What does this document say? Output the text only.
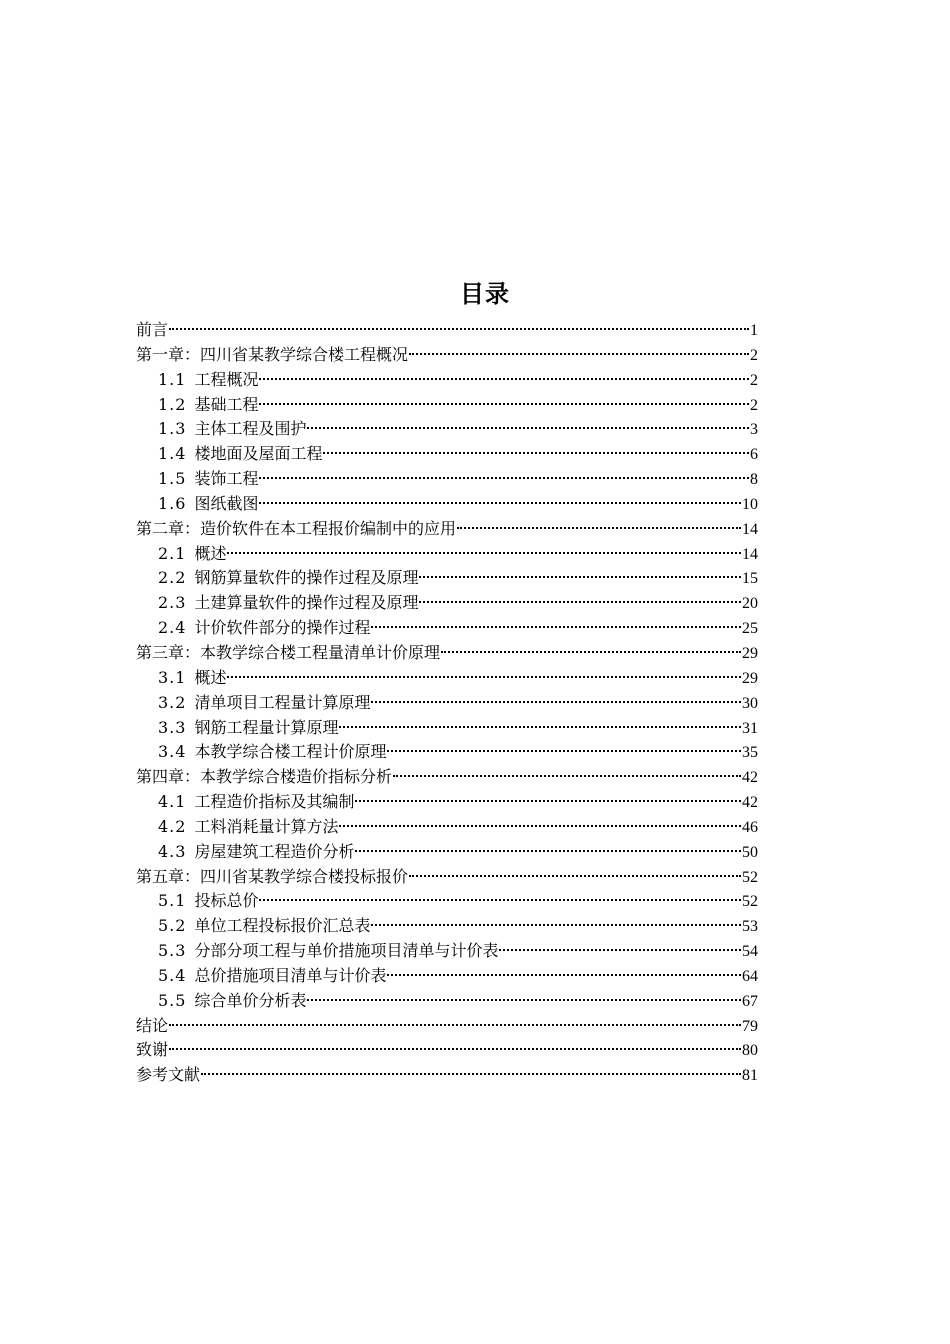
目录
前言	1
第一章：四川省某教学综合楼工程概况	2
1.1 工程概况	2
1.2 基础工程	2
1.3 主体工程及围护	3
1.4 楼地面及屋面工程	6
1.5 装饰工程	8
1.6 图纸截图	10
第二章：造价软件在本工程报价编制中的应用	14
2.1 概述	14
2.2 钢筋算量软件的操作过程及原理	15
2.3 土建算量软件的操作过程及原理	20
2.4 计价软件部分的操作过程	25
第三章：本教学综合楼工程量清单计价原理	29
3.1 概述	29
3.2 清单项目工程量计算原理	30
3.3 钢筋工程量计算原理	31
3.4 本教学综合楼工程计价原理	35
第四章：本教学综合楼造价指标分析	42
4.1 工程造价指标及其编制	42
4.2 工料消耗量计算方法	46
4.3 房屋建筑工程造价分析	50
第五章：四川省某教学综合楼投标报价	52
5.1 投标总价	52
5.2 单位工程投标报价汇总表	53
5.3 分部分项工程与单价措施项目清单与计价表	54
5.4 总价措施项目清单与计价表	64
5.5 综合单价分析表	67
结论	79
致谢	80
参考文献	81
